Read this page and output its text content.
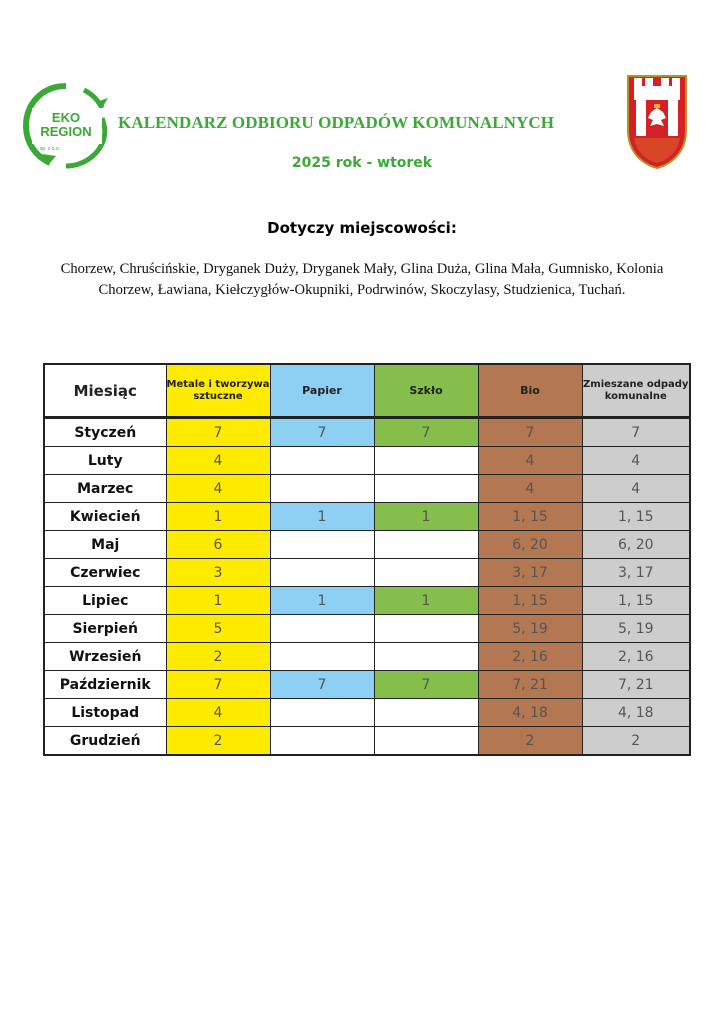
EKO
REGION
sp. z o.o.
KALENDARZ ODBIORU ODPADÓW KOMUNALNYCH
2025 rok - wtorek
Dotyczy miejscowości:
Chorzew, Chruścińskie, Dryganek Duży, Dryganek Mały, Glina Duża, Glina Mała, Gumnisko, Kolonia Chorzew, Ławiana, Kiełczygłów-Okupniki, Podrwinów, Skoczylasy, Studzienica, Tuchań.
Miesiąc	Metale i tworzywa sztuczne	Papier	Szkło	Bio	Zmieszane odpady komunalne
Styczeń	7	7	7	7	7
Luty	4			4	4
Marzec	4			4	4
Kwiecień	1	1	1	1, 15	1, 15
Maj	6			6, 20	6, 20
Czerwiec	3			3, 17	3, 17
Lipiec	1	1	1	1, 15	1, 15
Sierpień	5			5, 19	5, 19
Wrzesień	2			2, 16	2, 16
Październik	7	7	7	7, 21	7, 21
Listopad	4			4, 18	4, 18
Grudzień	2			2	2
